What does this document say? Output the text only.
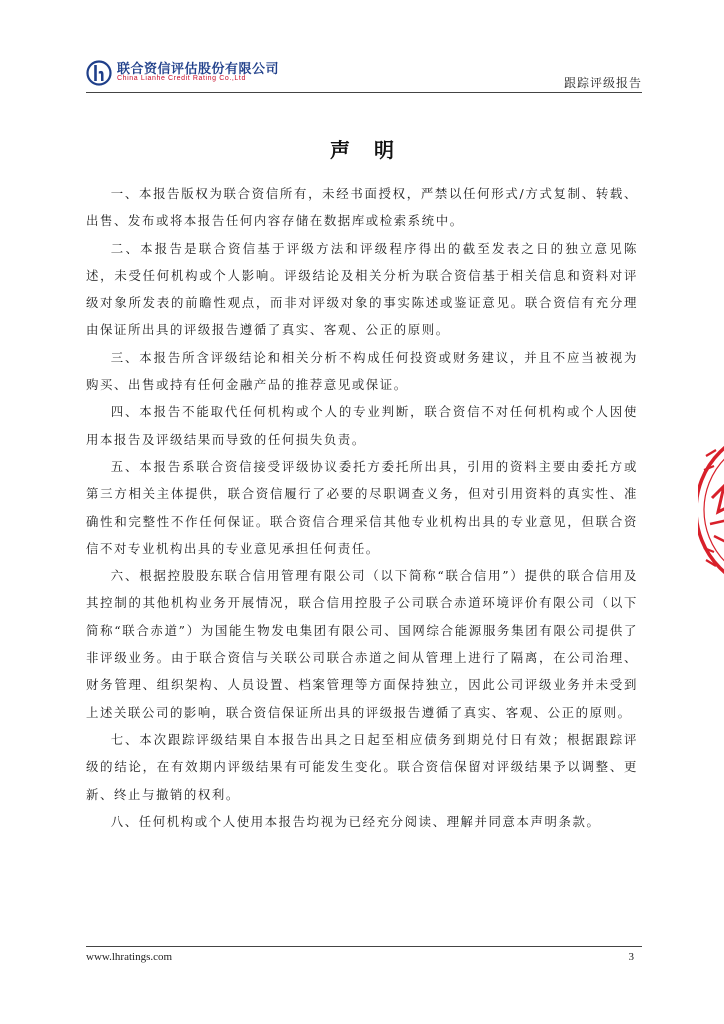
联合资信评估股份有限公司
China Lianhe Credit Rating Co.,Ltd	跟踪评级报告
声明

一、本报告版权为联合资信所有，未经书面授权，严禁以任何形式/方式复制、转载、出售、发布或将本报告任何内容存储在数据库或检索系统中。

二、本报告是联合资信基于评级方法和评级程序得出的截至发表之日的独立意见陈述，未受任何机构或个人影响。评级结论及相关分析为联合资信基于相关信息和资料对评级对象所发表的前瞻性观点，而非对评级对象的事实陈述或鉴证意见。联合资信有充分理由保证所出具的评级报告遵循了真实、客观、公正的原则。

三、本报告所含评级结论和相关分析不构成任何投资或财务建议，并且不应当被视为购买、出售或持有任何金融产品的推荐意见或保证。

四、本报告不能取代任何机构或个人的专业判断，联合资信不对任何机构或个人因使用本报告及评级结果而导致的任何损失负责。

五、本报告系联合资信接受评级协议委托方委托所出具，引用的资料主要由委托方或第三方相关主体提供，联合资信履行了必要的尽职调查义务，但对引用资料的真实性、准确性和完整性不作任何保证。联合资信合理采信其他专业机构出具的专业意见，但联合资信不对专业机构出具的专业意见承担任何责任。

六、根据控股股东联合信用管理有限公司（以下简称“联合信用”）提供的联合信用及其控制的其他机构业务开展情况，联合信用控股子公司联合赤道环境评价有限公司（以下简称“联合赤道”）为国能生物发电集团有限公司、国网综合能源服务集团有限公司提供了非评级业务。由于联合资信与关联公司联合赤道之间从管理上进行了隔离，在公司治理、财务管理、组织架构、人员设置、档案管理等方面保持独立，因此公司评级业务并未受到上述关联公司的影响，联合资信保证所出具的评级报告遵循了真实、客观、公正的原则。

七、本次跟踪评级结果自本报告出具之日起至相应债务到期兑付日有效；根据跟踪评级的结论，在有效期内评级结果有可能发生变化。联合资信保留对评级结果予以调整、更新、终止与撤销的权利。

八、任何机构或个人使用本报告均视为已经充分阅读、理解并同意本声明条款。

www.lhratings.com	3
